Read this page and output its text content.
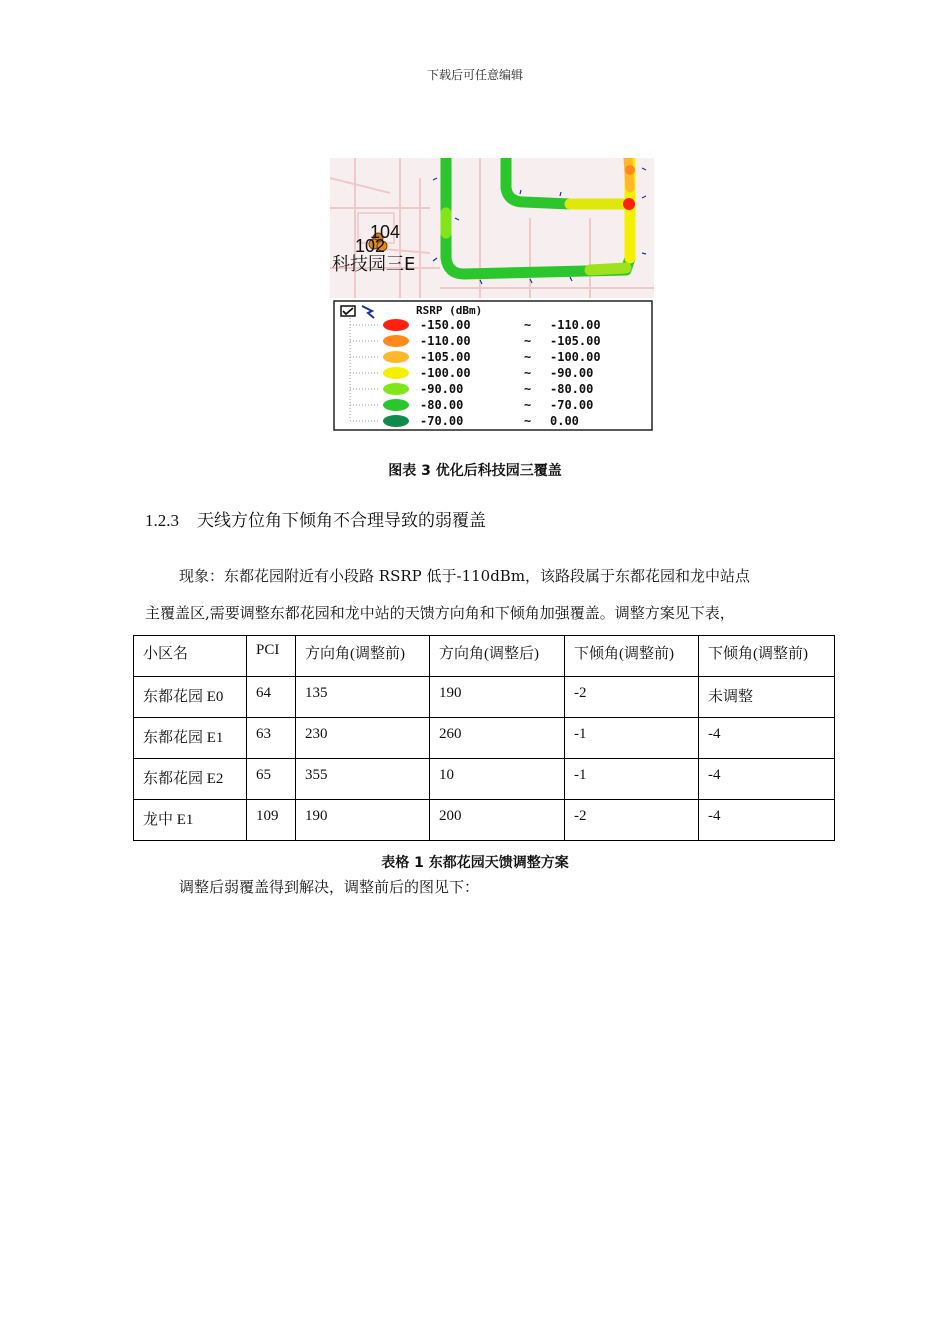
下载后可任意编辑
104
102
科技园三E
RSRP (dBm)
-150.00	~ -110.00
-110.00	~ -105.00
-105.00	~ -100.00
-100.00	~ -90.00
-90.00	~ -80.00
-80.00	~ -70.00
-70.00	~ 0.00
图表 3 优化后科技园三覆盖
1.2.3 天线方位角下倾角不合理导致的弱覆盖
现象：东都花园附近有小段路 RSRP 低于-110dBm，该路段属于东都花园和龙中站点
主覆盖区,需要调整东都花园和龙中站的天馈方向角和下倾角加强覆盖。调整方案见下表，
小区名	PCI	方向角(调整前)	方向角(调整后)	下倾角(调整前)	下倾角(调整前)
东都花园 E0	64	135	190	-2	未调整
东都花园 E1	63	230	260	-1	-4
东都花园 E2	65	355	10	-1	-4
龙中 E1	109	190	200	-2	-4
表格 1 东都花园天馈调整方案
调整后弱覆盖得到解决，调整前后的图见下：
